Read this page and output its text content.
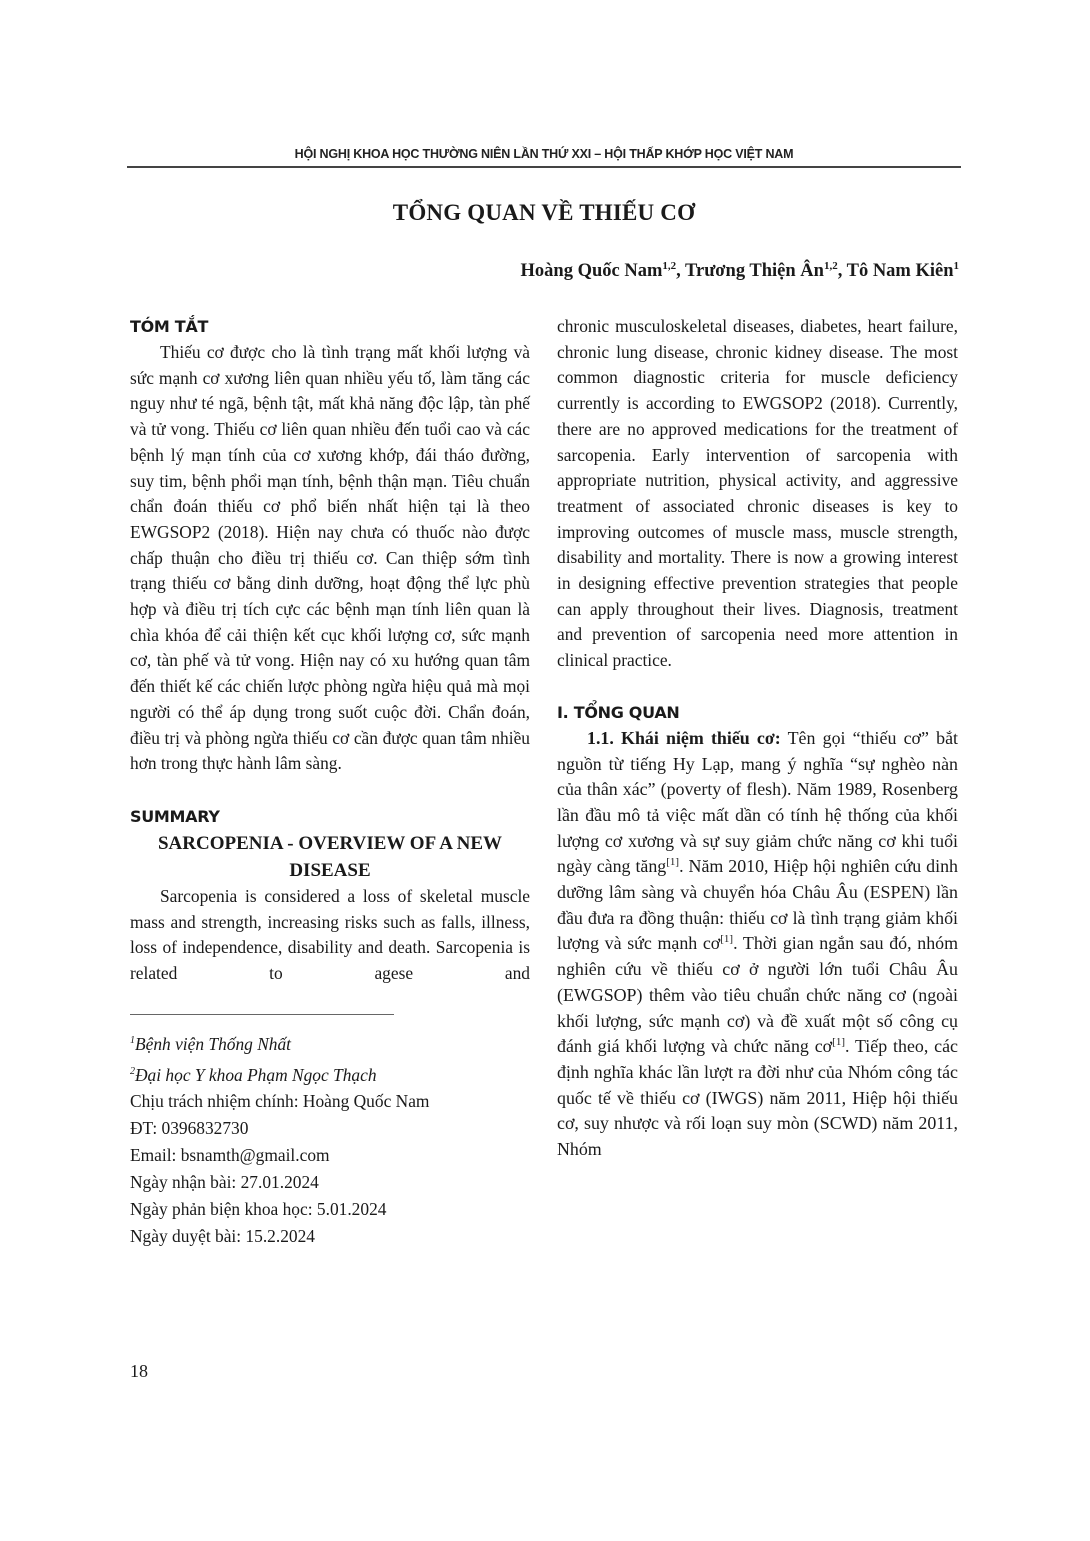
HỘI NGHỊ KHOA HỌC THƯỜNG NIÊN LẦN THỨ XXI – HỘI THẤP KHỚP HỌC VIỆT NAM
TỔNG QUAN VỀ THIẾU CƠ
Hoàng Quốc Nam$^{1,2}$, Trương Thiện Ân$^{1,2}$, Tô Nam Kiên$^1$
TÓM TẮT

Thiếu cơ được cho là tình trạng mất khối lượng và sức mạnh cơ xương liên quan nhiều yếu tố, làm tăng các nguy như té ngã, bệnh tật, mất khả năng độc lập, tàn phế và tử vong. Thiếu cơ liên quan nhiều đến tuổi cao và các bệnh lý mạn tính của cơ xương khớp, đái tháo đường, suy tim, bệnh phổi mạn tính, bệnh thận mạn. Tiêu chuẩn chẩn đoán thiếu cơ phổ biến nhất hiện tại là theo EWGSOP2 (2018). Hiện nay chưa có thuốc nào được chấp thuận cho điều trị thiếu cơ. Can thiệp sớm tình trạng thiếu cơ bằng dinh dưỡng, hoạt động thể lực phù hợp và điều trị tích cực các bệnh mạn tính liên quan là chìa khóa để cải thiện kết cục khối lượng cơ, sức mạnh cơ, tàn phế và tử vong. Hiện nay có xu hướng quan tâm đến thiết kế các chiến lược phòng ngừa hiệu quả mà mọi người có thể áp dụng trong suốt cuộc đời. Chẩn đoán, điều trị và phòng ngừa thiếu cơ cần được quan tâm nhiều hơn trong thực hành lâm sàng.

SUMMARY
SARCOPENIA - OVERVIEW OF A NEW DISEASE

Sarcopenia is considered a loss of skeletal muscle mass and strength, increasing risks such as falls, illness, loss of independence, disability and death. Sarcopenia is related to agese and

$^1$Bệnh viện Thống Nhất

$^2$Đại học Y khoa Phạm Ngọc Thạch

Chịu trách nhiệm chính: Hoàng Quốc Nam

ĐT: 0396832730

Email: bsnamth@gmail.com

Ngày nhận bài: 27.01.2024

Ngày phản biện khoa học: 5.01.2024

Ngày duyệt bài: 15.2.2024

chronic musculoskeletal diseases, diabetes, heart failure, chronic lung disease, chronic kidney disease. The most common diagnostic criteria for muscle deficiency currently is according to EWGSOP2 (2018). Currently, there are no approved medications for the treatment of sarcopenia. Early intervention of sarcopenia with appropriate nutrition, physical activity, and aggressive treatment of associated chronic diseases is key to improving outcomes of muscle mass, muscle strength, disability and mortality. There is now a growing interest in designing effective prevention strategies that people can apply throughout their lives. Diagnosis, treatment and prevention of sarcopenia need more attention in clinical practice.

I. TỔNG QUAN

1.1. Khái niệm thiếu cơ: Tên gọi “thiếu cơ” bắt nguồn từ tiếng Hy Lạp, mang ý nghĩa “sự nghèo nàn của thân xác” (poverty of flesh). Năm 1989, Rosenberg lần đầu mô tả việc mất dần có tính hệ thống của khối lượng cơ xương và sự suy giảm chức năng cơ khi tuổi ngày càng tăng[1]. Năm 2010, Hiệp hội nghiên cứu dinh dưỡng lâm sàng và chuyển hóa Châu Âu (ESPEN) lần đầu đưa ra đồng thuận: thiếu cơ là tình trạng giảm khối lượng và sức mạnh cơ[1]. Thời gian ngắn sau đó, nhóm nghiên cứu về thiếu cơ ở người lớn tuổi Châu Âu (EWGSOP) thêm vào tiêu chuẩn chức năng cơ (ngoài khối lượng, sức mạnh cơ) và đề xuất một số công cụ đánh giá khối lượng và chức năng cơ[1]. Tiếp theo, các định nghĩa khác lần lượt ra đời như của Nhóm công tác quốc tế về thiếu cơ (IWGS) năm 2011, Hiệp hội thiếu cơ, suy nhược và rối loạn suy mòn (SCWD) năm 2011, Nhóm

18
